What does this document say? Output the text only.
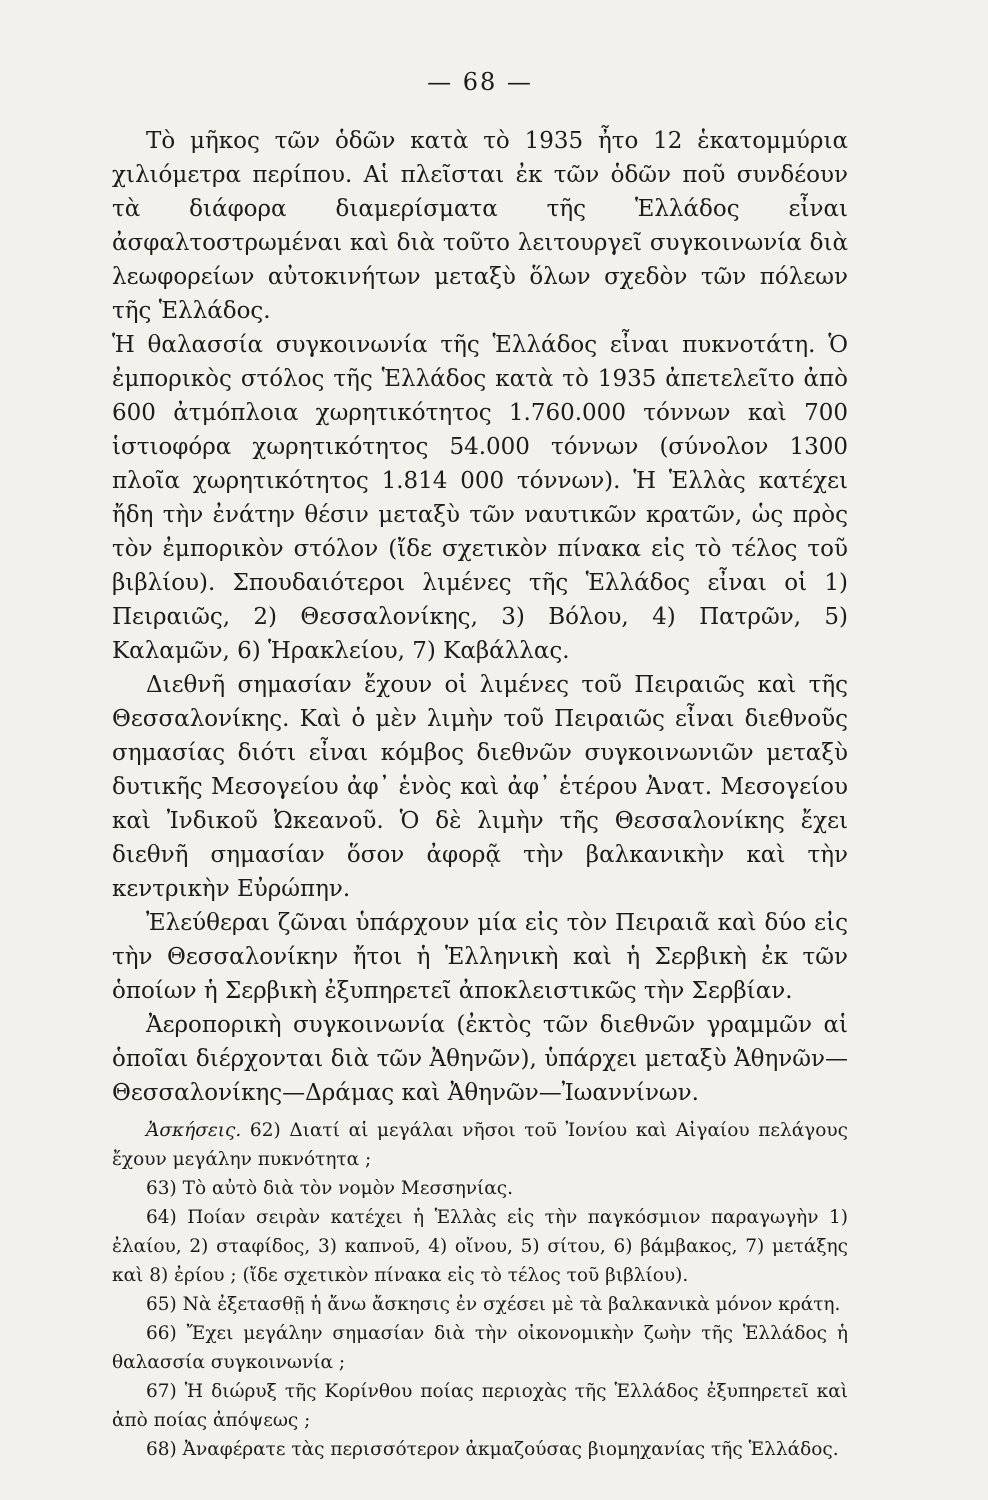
— 68 —

Τὸ μῆκος τῶν ὁδῶν κατὰ τὸ 1935 ἦτο 12 ἑκατομμύρια χιλιόμετρα περίπου. Αἱ πλεῖσται ἐκ τῶν ὁδῶν ποῦ συνδέουν τὰ διάφορα διαμερίσματα τῆς Ἑλλάδος εἶναι ἀσφαλτοστρωμέναι καὶ διὰ τοῦτο λειτουργεῖ συγκοινωνία διὰ λεωφορείων αὐτοκινήτων μεταξὺ ὅλων σχεδὸν τῶν πόλεων τῆς Ἑλλάδος.

Ἡ θαλασσία συγκοινωνία τῆς Ἑλλάδος εἶναι πυκνοτάτη. Ὁ ἐμπορικὸς στόλος τῆς Ἑλλάδος κατὰ τὸ 1935 ἀπετελεῖτο ἀπὸ 600 ἀτμόπλοια χωρητικότητος 1.760.000 τόννων καὶ 700 ἱστιοφόρα χωρητικότητος 54.000 τόννων (σύνολον 1300 πλοῖα χωρητικότητος 1.814 000 τόννων). Ἡ Ἑλλὰς κατέχει ἤδη τὴν ἐνάτην θέσιν μεταξὺ τῶν ναυτικῶν κρατῶν, ὡς πρὸς τὸν ἐμπορικὸν στόλον (ἴδε σχετικὸν πίνακα εἰς τὸ τέλος τοῦ βιβλίου). Σπουδαιότεροι λιμένες τῆς Ἑλλάδος εἶναι οἱ 1) Πειραιῶς, 2) Θεσσαλονίκης, 3) Βόλου, 4) Πατρῶν, 5) Καλαμῶν, 6) Ἡρακλείου, 7) Καβάλλας.

Διεθνῆ σημασίαν ἔχουν οἱ λιμένες τοῦ Πειραιῶς καὶ τῆς Θεσσαλονίκης. Καὶ ὁ μὲν λιμὴν τοῦ Πειραιῶς εἶναι διεθνοῦς σημασίας διότι εἶναι κόμβος διεθνῶν συγκοινωνιῶν μεταξὺ δυτικῆς Μεσογείου ἀφ᾿ ἑνὸς καὶ ἀφ᾿ ἑτέρου Ἀνατ. Μεσογείου καὶ Ἰνδικοῦ Ὠκεανοῦ. Ὁ δὲ λιμὴν τῆς Θεσσαλονίκης ἔχει διεθνῆ σημασίαν ὅσον ἀφορᾷ τὴν βαλκανικὴν καὶ τὴν κεντρικὴν Εὐρώπην.

Ἐλεύθεραι ζῶναι ὑπάρχουν μία εἰς τὸν Πειραιᾶ καὶ δύο εἰς τὴν Θεσσαλονίκην ἤτοι ἡ Ἑλληνικὴ καὶ ἡ Σερβικὴ ἐκ τῶν ὁποίων ἡ Σερβικὴ ἐξυπηρετεῖ ἀποκλειστικῶς τὴν Σερβίαν.

Ἀεροπορικὴ συγκοινωνία (ἐκτὸς τῶν διεθνῶν γραμμῶν αἱ ὁποῖαι διέρχονται διὰ τῶν Ἀθηνῶν), ὑπάρχει μεταξὺ Ἀθηνῶν—Θεσσαλονίκης—Δράμας καὶ Ἀθηνῶν—Ἰωαννίνων.

Ἀσκήσεις. 62) Διατί αἱ μεγάλαι νῆσοι τοῦ Ἰονίου καὶ Αἰγαίου πελάγους ἔχουν μεγάλην πυκνότητα ;

63) Τὸ αὐτὸ διὰ τὸν νομὸν Μεσσηνίας.

64) Ποίαν σειρὰν κατέχει ἡ Ἑλλὰς εἰς τὴν παγκόσμιον παραγωγὴν 1) ἐλαίου, 2) σταφίδος, 3) καπνοῦ, 4) οἴνου, 5) σίτου, 6) βάμβακος, 7) μετάξης καὶ 8) ἐρίου ; (ἴδε σχετικὸν πίνακα εἰς τὸ τέλος τοῦ βιβλίου).

65) Νὰ ἐξετασθῇ ἡ ἄνω ἄσκησις ἐν σχέσει μὲ τὰ βαλκανικὰ μόνον κράτη.

66) Ἔχει μεγάλην σημασίαν διὰ τὴν οἰκονομικὴν ζωὴν τῆς Ἑλλάδος ἡ θαλασσία συγκοινωνία ;

67) Ἡ διώρυξ τῆς Κορίνθου ποίας περιοχὰς τῆς Ἑλλάδος ἐξυπηρετεῖ καὶ ἀπὸ ποίας ἀπόψεως ;

68) Ἀναφέρατε τὰς περισσότερον ἀκμαζούσας βιομηχανίας τῆς Ἑλλάδος.
